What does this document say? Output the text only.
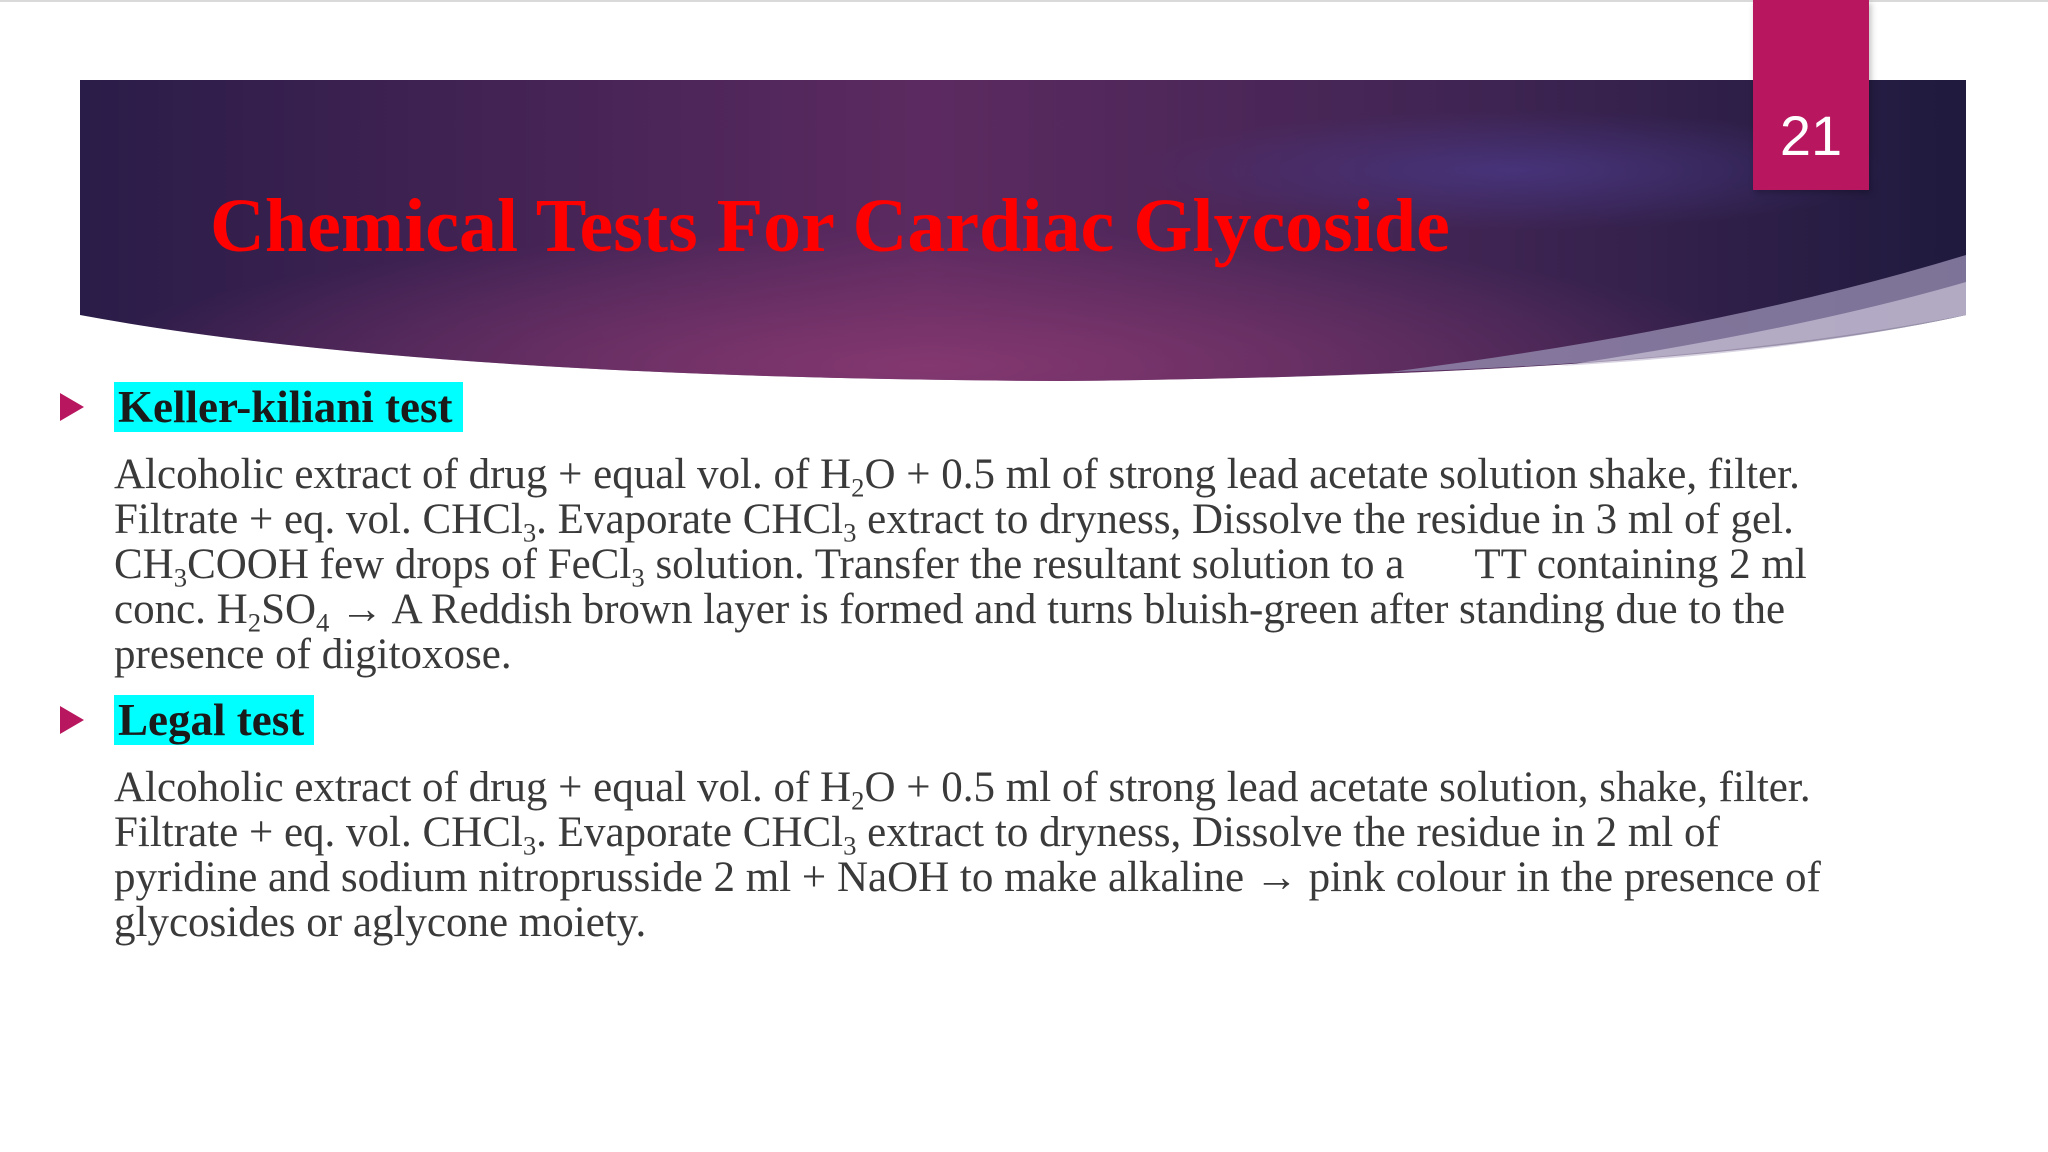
21
Chemical Tests For Cardiac Glycoside
Keller-kiliani test
Alcoholic extract of drug + equal vol. of $H_2O + 0.5$ ml of strong lead acetate solution shake, filter.
Filtrate + eq. vol. CHCl$_3$. Evaporate CHCl$_3$ extract to dryness, Dissolve the residue in 3 ml of gel.
$CH_3COOH$ few drops of FeCl$_3$ solution. Transfer the resultant solution to a TT containing 2 ml
conc. $H_2SO_4 \to A$ Reddish brown layer is formed and turns bluish-green after standing due to the
presence of digitoxose.
Legal test
Alcoholic extract of drug + equal vol. of $H_2O + 0.5$ ml of strong lead acetate solution, shake, filter.
Filtrate + eq. vol. CHCl$_3$. Evaporate CHCl$_3$ extract to dryness, Dissolve the residue in 2 ml of
pyridine and sodium nitroprusside 2 ml + NaOH to make alkaline → pink colour in the presence of
glycosides or aglycone moiety.
